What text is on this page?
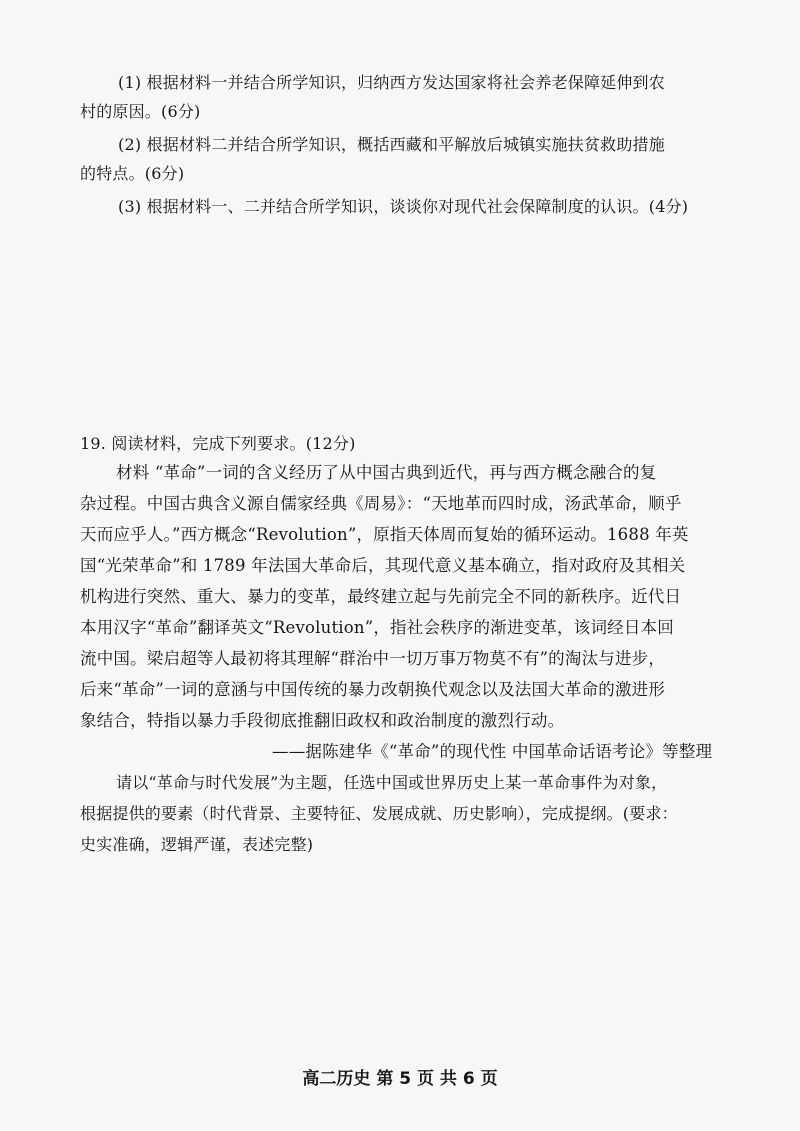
(1) 根据材料一并结合所学知识，归纳西方发达国家将社会养老保障延伸到农
村的原因。(6分)
(2) 根据材料二并结合所学知识，概括西藏和平解放后城镇实施扶贫救助措施
的特点。(6分)
(3) 根据材料一、二并结合所学知识，谈谈你对现代社会保障制度的认识。(4分)
19. 阅读材料，完成下列要求。(12分)
材料 “革命”一词的含义经历了从中国古典到近代，再与西方概念融合的复
杂过程。中国古典含义源自儒家经典《周易》：“天地革而四时成，汤武革命，顺乎
天而应乎人。”西方概念“Revolution”，原指天体周而复始的循环运动。1688 年英
国“光荣革命”和 1789 年法国大革命后，其现代意义基本确立，指对政府及其相关
机构进行突然、重大、暴力的变革，最终建立起与先前完全不同的新秩序。近代日
本用汉字“革命”翻译英文“Revolution”，指社会秩序的渐进变革，该词经日本回
流中国。梁启超等人最初将其理解“群治中一切万事万物莫不有”的淘汰与进步，
后来“革命”一词的意涵与中国传统的暴力改朝换代观念以及法国大革命的激进形
象结合，特指以暴力手段彻底推翻旧政权和政治制度的激烈行动。
——据陈建华《“革命”的现代性 中国革命话语考论》等整理
请以“革命与时代发展”为主题，任选中国或世界历史上某一革命事件为对象，
根据提供的要素（时代背景、主要特征、发展成就、历史影响），完成提纲。(要求：
史实准确，逻辑严谨，表述完整)
高二历史 第 5 页 共 6 页
